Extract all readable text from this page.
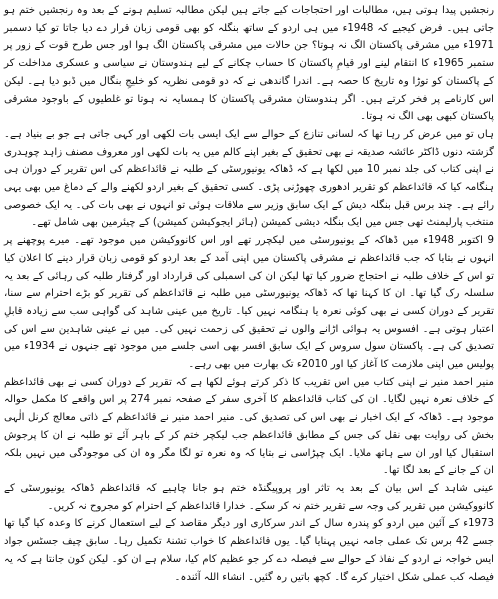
رنجشیں پیدا ہوتی ہیں، مطالبات اور احتجاجات کیے جاتے ہیں لیکن مطالبہ تسلیم ہونے کے بعد وہ رنجشیں ختم ہو جاتی ہیں۔ فرض کیجیے کہ 1948ء میں ہی اردو کے ساتھ بنگلہ کو بھی قومی زبان قرار دے دیا جاتا تو کیا دسمبر 1971ء میں مشرقی پاکستان الگ نہ ہوتا؟ جن حالات میں مشرقی پاکستان الگ ہوا اور جس طرح قوت کے زور پر ستمبر 1965ء کا انتقام لینے اور قیامِ پاکستان کا حساب چکانے کے لیے ہندوستان نے سیاسی و عسکری مداخلت کر کے پاکستان کو توڑا وہ تاریخ کا حصہ ہے۔ اندرا گاندھی نے کہ دو قومی نظریہ کو خلیجِ بنگال میں ڈبو دیا ہے۔ لیکن اس کارنامے پر فخر کرتے ہیں۔ اگر ہندوستان مشرقی پاکستان کا ہمسایہ نہ ہوتا تو غلطیوں کے باوجود مشرقی پاکستان کبھی بھی الگ نہ ہوتا۔

ہاں تو میں عرض کر رہا تھا کہ لسانی تنازع کے حوالے سے ایک ایسی بات لکھی اور کہی جاتی ہے جو بے بنیاد ہے۔ گزشتہ دنوں ڈاکٹر عائشہ صدیقہ نے بھی تحقیق کے بغیر اپنے کالم میں یہ بات لکھی اور معروف مصنف زاہد چوہدری نے اپنی کتاب کی جلد نمبر 10 میں لکھا ہے کہ ڈھاکہ یونیورسٹی کے طلبہ نے قائداعظم کی اس تقریر کے دوران ہی ہنگامہ کیا کہ قائداعظم کو تقریر ادھوری چھوڑنی پڑی۔ کسی تحقیق کے بغیر اردو لکھنے والے کے دماغ میں بھی یہی رائے ہے۔ چند برس قبل بنگلہ دیش کے ایک سابق وزیر سے ملاقات ہوئی تو انہوں نے بھی بات کی۔ یہ ایک خصوصی منتخب پارلیمنٹ تھی جس میں ایک بنگلہ دیشی کمیشن (ہائر ایجوکیشن کمیشن) کے چیئرمین بھی شامل تھے۔

9 اکتوبر 1948ء میں ڈھاکہ کے یونیورسٹی میں لیکچرر تھے اور اس کانووکیشن میں موجود تھے۔ میرے پوچھنے پر انہوں نے بتایا کہ جب قائداعظم نے مشرقی پاکستان میں اپنی آمد کے بعد اردو کو قومی زبان قرار دینے کا اعلان کیا تو اس کے خلاف طلبہ نے احتجاج ضرور کیا تھا لیکن ان کی اسمبلی کی قرارداد اور گرفتار طلبہ کی رہائی کے بعد یہ سلسلہ رک گیا تھا۔ ان کا کہنا تھا کہ ڈھاکہ یونیورسٹی میں طلبہ نے قائداعظم کی تقریر کو بڑے احترام سے سنا، تقریر کے دوران کسی نے بھی کوئی نعرہ یا ہنگامہ نہیں کیا۔ تاریخ میں عینی شاہد کی گواہی سب سے زیادہ قابلِ اعتبار ہوتی ہے۔ افسوس یہ ہوائی اڑانے والوں نے تحقیق کی زحمت نہیں کی۔ میں نے عینی شاہدین سے اس کی تصدیق کی ہے۔ پاکستان سول سروس کے ایک سابق افسر بھی اسی جلسے میں موجود تھے جنہوں نے 1934ء میں پولیس میں اپنی ملازمت کا آغاز کیا اور 2010ء تک بھارت میں بھی رہے۔

منیر احمد منیر نے اپنی کتاب میں اس تقریب کا ذکر کرتے ہوئے لکھا ہے کہ تقریر کے دوران کسی نے بھی قائداعظم کے خلاف نعرہ نہیں لگایا۔ ان کی کتاب قائداعظم کا آخری سفر کے صفحہ نمبر 274 پر اس واقعے کا مکمل حوالہ موجود ہے۔ ڈھاکہ کے ایک اخبار نے بھی اس کی تصدیق کی۔ منیر احمد منیر نے قائداعظم کے ذاتی معالج کرنل الٰہی بخش کی روایت بھی نقل کی جس کے مطابق قائداعظم جب لیکچر ختم کر کے باہر آئے تو طلبہ نے ان کا پرجوش استقبال کیا اور ان سے ہاتھ ملایا۔ ایک چپڑاسی نے بتایا کہ وہ نعرہ تو لگا مگر وہ ان کی موجودگی میں نہیں بلکہ ان کے جانے کے بعد لگا تھا۔

عینی شاہد کے اس بیان کے بعد یہ تاثر اور پروپیگنڈہ ختم ہو جانا چاہیے کہ قائداعظم ڈھاکہ یونیورسٹی کے کانووکیشن میں تقریر کی وجہ سے تقریر ختم نہ کر سکے۔ خدارا قائداعظم کے احترام کو مجروح نہ کریں۔

1973ء کے آئین میں اردو کو پندرہ سال کے اندر سرکاری اور دیگر مقاصد کے لیے استعمال کرنے کا وعدہ کیا گیا تھا جسے 42 برس تک عملی جامہ نہیں پہنایا گیا۔ یوں قائداعظم کا خواب تشنۂ تکمیل رہا۔ سابق چیف جسٹس جواد ایس خواجہ نے اردو کے نفاذ کے حوالے سے فیصلہ دے کر جو عظیم کام کیا، سلام ہے ان کو۔ لیکن کون جانتا ہے کہ یہ فیصلہ کب عملی شکل اختیار کرے گا۔ کچھ باتیں رہ گئیں۔ انشاء اللہ آئندہ۔
